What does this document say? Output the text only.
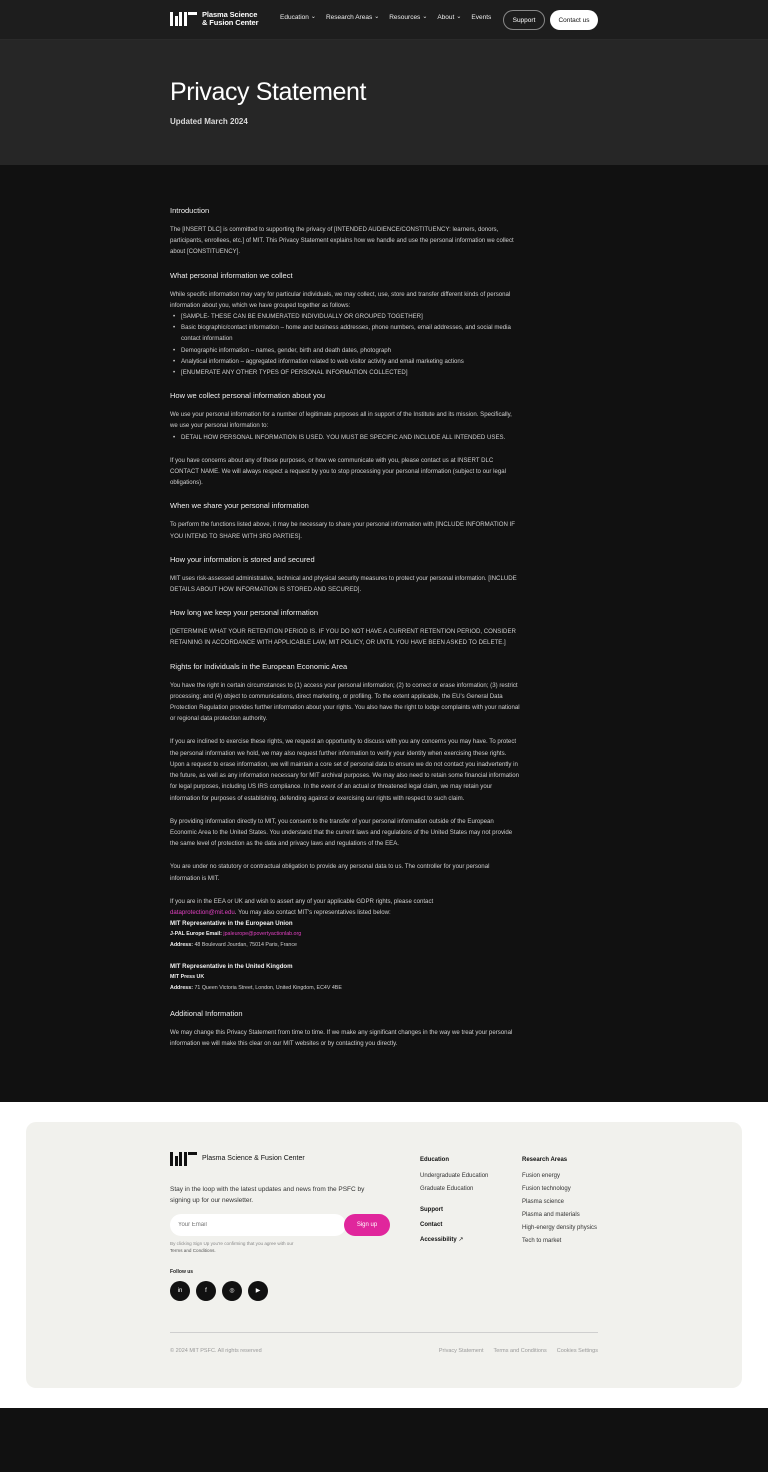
Plasma Science
& Fusion Center
Education ⌄ Research Areas ⌄ Resources ⌄ About ⌄ Events	Support	Contact us
Privacy Statement
Updated March 2024
Introduction

The [INSERT DLC] is committed to supporting the privacy of [INTENDED AUDIENCE/CONSTITUENCY: learners, donors, participants, enrollees, etc.] of MIT. This Privacy Statement explains how we handle and use the personal information we collect about [CONSTITUENCY].

What personal information we collect

While specific information may vary for particular individuals, we may collect, use, store and transfer different kinds of personal information about you, which we have grouped together as follows:

• [SAMPLE- THESE CAN BE ENUMERATED INDIVIDUALLY OR GROUPED TOGETHER]
• Basic biographic/contact information – home and business addresses, phone numbers, email addresses, and social media contact information
• Demographic information – names, gender, birth and death dates, photograph
• Analytical information – aggregated information related to web visitor activity and email marketing actions
• [ENUMERATE ANY OTHER TYPES OF PERSONAL INFORMATION COLLECTED]
How we collect personal information about you

We use your personal information for a number of legitimate purposes all in support of the Institute and its mission. Specifically, we use your personal information to:

• DETAIL HOW PERSONAL INFORMATION IS USED. YOU MUST BE SPECIFIC AND INCLUDE ALL INTENDED USES.

If you have concerns about any of these purposes, or how we communicate with you, please contact us at INSERT DLC CONTACT NAME. We will always respect a request by you to stop processing your personal information (subject to our legal obligations).

When we share your personal information

To perform the functions listed above, it may be necessary to share your personal information with [INCLUDE INFORMATION IF YOU INTEND TO SHARE WITH 3RD PARTIES].

How your information is stored and secured

MIT uses risk-assessed administrative, technical and physical security measures to protect your personal information. [INCLUDE DETAILS ABOUT HOW INFORMATION IS STORED AND SECURED].

How long we keep your personal information

[DETERMINE WHAT YOUR RETENTION PERIOD IS. IF YOU DO NOT HAVE A CURRENT RETENTION PERIOD, CONSIDER RETAINING IN ACCORDANCE WITH APPLICABLE LAW, MIT POLICY, OR UNTIL YOU HAVE BEEN ASKED TO DELETE.]

Rights for Individuals in the European Economic Area

You have the right in certain circumstances to (1) access your personal information; (2) to correct or erase information; (3) restrict processing; and (4) object to communications, direct marketing, or profiling. To the extent applicable, the EU's General Data Protection Regulation provides further information about your rights. You also have the right to lodge complaints with your national or regional data protection authority.

If you are inclined to exercise these rights, we request an opportunity to discuss with you any concerns you may have. To protect the personal information we hold, we may also request further information to verify your identity when exercising these rights. Upon a request to erase information, we will maintain a core set of personal data to ensure we do not contact you inadvertently in the future, as well as any information necessary for MIT archival purposes. We may also need to retain some financial information for legal purposes, including US IRS compliance. In the event of an actual or threatened legal claim, we may retain your information for purposes of establishing, defending against or exercising our rights with respect to such claim.

By providing information directly to MIT, you consent to the transfer of your personal information outside of the European Economic Area to the United States. You understand that the current laws and regulations of the United States may not provide the same level of protection as the data and privacy laws and regulations of the EEA.

You are under no statutory or contractual obligation to provide any personal data to us. The controller for your personal information is MIT.

If you are in the EEA or UK and wish to assert any of your applicable GDPR rights, please contact
dataprotection@mit.edu. You may also contact MIT's representatives listed below:

MIT Representative in the European Union
J-PAL Europe Email: jpaleurope@povertyactionlab.org
Address: 48 Boulevard Jourdan, 75014 Paris, France
MIT Representative in the United Kingdom
MIT Press UK
Address: 71 Queen Victoria Street, London, United Kingdom, EC4V 4BE
Additional Information

We may change this Privacy Statement from time to time. If we make any significant changes in the way we treat your personal information we will make this clear on our MIT websites or by contacting you directly.

Plasma Science & Fusion Center
Stay in the loop with the latest updates and news from the PSFC by signing up for our newsletter.
Your Email
Sign up
By clicking Sign Up you're confirming that you agree with our
Terms and Conditions.
Follow us
in	f	◎	▶
Education
Undergraduate Education
Graduate Education
Support
Contact
Accessibility ↗
Research Areas
Fusion energy
Fusion technology
Plasma science
Plasma and materials
High-energy density physics
Tech to market
© 2024 MIT PSFC. All rights reserved	Privacy Statement Terms and Conditions Cookies Settings
